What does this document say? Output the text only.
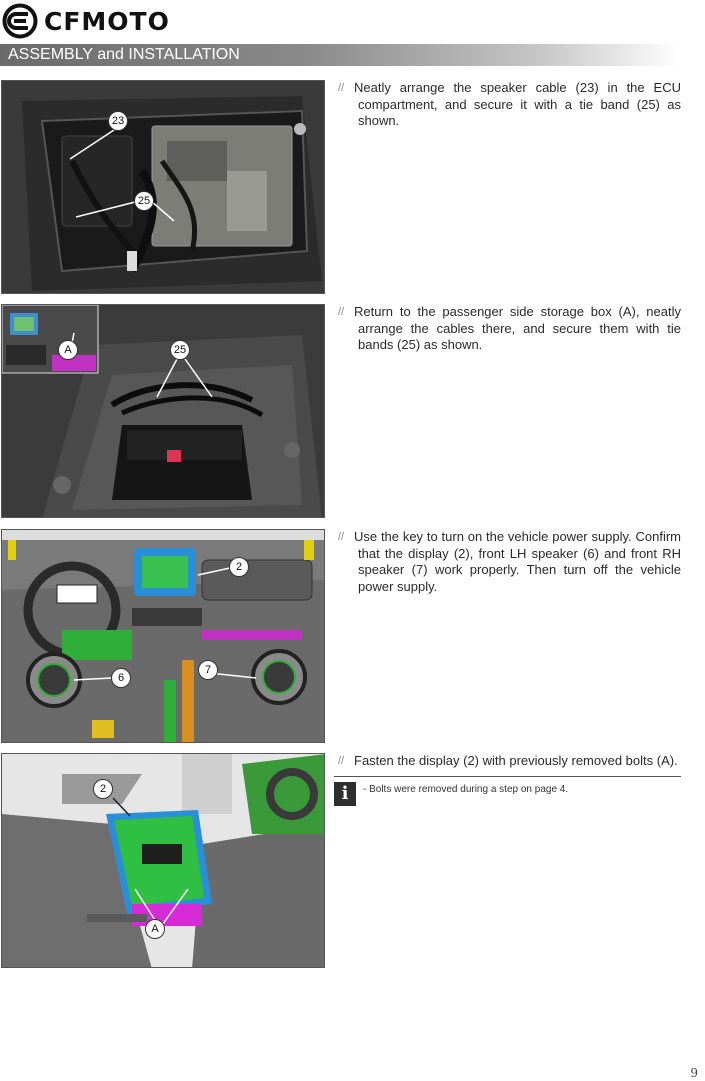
CFMOTO
ASSEMBLY and INSTALLATION
23
25
// Neatly arrange the speaker cable (23) in the ECU compartment, and secure it with a tie band (25) as shown.
A	25
// Return to the passenger side storage box (A), neatly arrange the cables there, and secure them with tie bands (25) as shown.
2
6
7
// Use the key to turn on the vehicle power supply. Confirm that the display (2), front LH speaker (6) and front RH speaker (7) work properly. Then turn off the vehicle power supply.
2
A
// Fasten the display (2) with previously removed bolts (A).
i	- Bolts were removed during a step on page 4.
9
